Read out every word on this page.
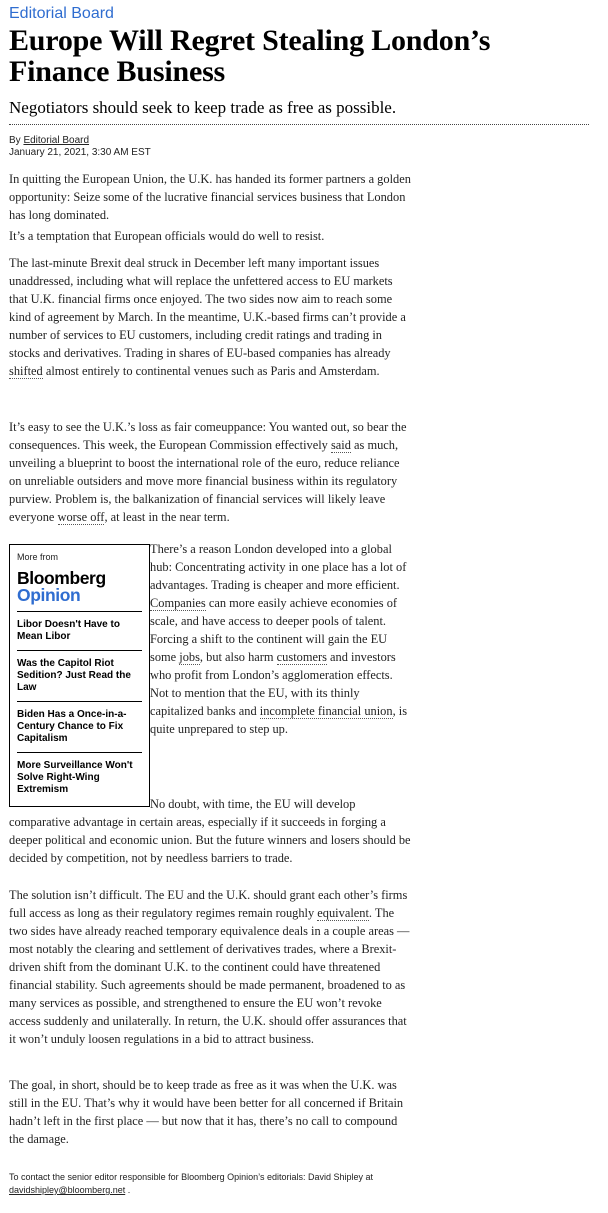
Editorial Board
Europe Will Regret Stealing London’s Finance Business

Negotiators should seek to keep trade as free as possible.

By Editorial Board
January 21, 2021, 3:30 AM EST

In quitting the European Union, the U.K. has handed its former partners a golden opportunity: Seize some of the lucrative financial services business that London has long dominated.

It’s a temptation that European officials would do well to resist.

The last-minute Brexit deal struck in December left many important issues unaddressed, including what will replace the unfettered access to EU markets that U.K. financial firms once enjoyed. The two sides now aim to reach some kind of agreement by March. In the meantime, U.K.-based firms can’t provide a number of services to EU customers, including credit ratings and trading in stocks and derivatives. Trading in shares of EU-based companies has already shifted almost entirely to continental venues such as Paris and Amsterdam.

It’s easy to see the U.K.’s loss as fair comeuppance: You wanted out, so bear the consequences. This week, the European Commission effectively said as much, unveiling a blueprint to boost the international role of the euro, reduce reliance on unreliable outsiders and move more financial business within its regulatory purview. Problem is, the balkanization of financial services will likely leave everyone worse off, at least in the near term.

More from
Bloomberg
Opinion
Libor Doesn't Have to Mean Libor
Was the Capitol Riot Sedition? Just Read the Law
Biden Has a Once-in-a-Century Chance to Fix Capitalism
More Surveillance Won't Solve Right-Wing Extremism

There’s a reason London developed into a global hub: Concentrating activity in one place has a lot of advantages. Trading is cheaper and more efficient. Companies can more easily achieve economies of scale, and have access to deeper pools of talent. Forcing a shift to the continent will gain the EU some jobs, but also harm customers and investors who profit from London’s agglomeration effects. Not to mention that the EU, with its thinly capitalized banks and incomplete financial union, is quite unprepared to step up.

No doubt, with time, the EU will develop

comparative advantage in certain areas, especially if it succeeds in forging a deeper political and economic union. But the future winners and losers should be decided by competition, not by needless barriers to trade.

The solution isn’t difficult. The EU and the U.K. should grant each other’s firms full access as long as their regulatory regimes remain roughly equivalent. The two sides have already reached temporary equivalence deals in a couple areas — most notably the clearing and settlement of derivatives trades, where a Brexit-driven shift from the dominant U.K. to the continent could have threatened financial stability. Such agreements should be made permanent, broadened to as many services as possible, and strengthened to ensure the EU won’t revoke access suddenly and unilaterally. In return, the U.K. should offer assurances that it won’t unduly loosen regulations in a bid to attract business.

The goal, in short, should be to keep trade as free as it was when the U.K. was still in the EU. That’s why it would have been better for all concerned if Britain hadn’t left in the first place — but now that it has, there’s no call to compound the damage.

To contact the senior editor responsible for Bloomberg Opinion’s editorials: David Shipley at davidshipley@bloomberg.net .
